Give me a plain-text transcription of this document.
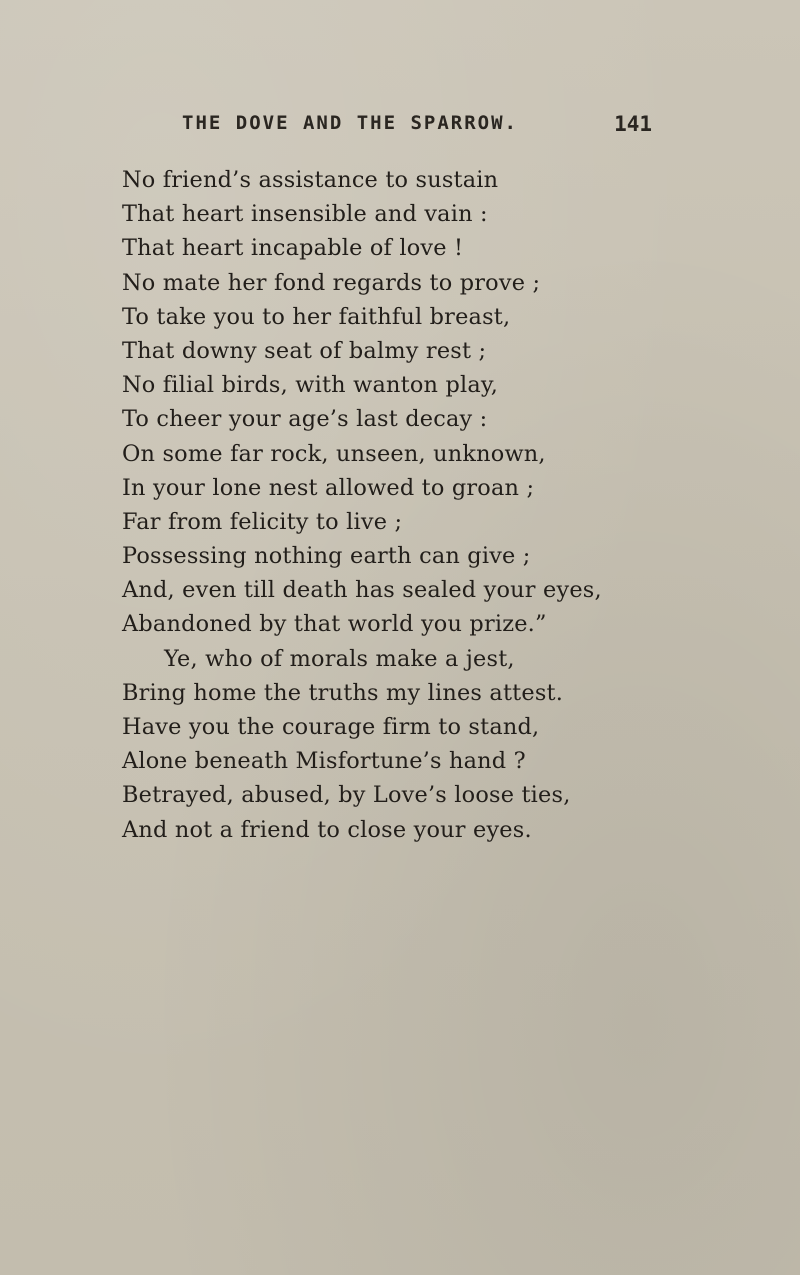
THE DOVE AND THE SPARROW.	141
No friend’s assistance to sustain
That heart insensible and vain :
That heart incapable of love !
No mate her fond regards to prove ;
To take you to her faithful breast,
That downy seat of balmy rest ;
No filial birds, with wanton play,
To cheer your age’s last decay :
On some far rock, unseen, unknown,
In your lone nest allowed to groan ;
Far from felicity to live ;
Possessing nothing earth can give ;
And, even till death has sealed your eyes,
Abandoned by that world you prize.”
Ye, who of morals make a jest,
Bring home the truths my lines attest.
Have you the courage firm to stand,
Alone beneath Misfortune’s hand ?
Betrayed, abused, by Love’s loose ties,
And not a friend to close your eyes.
